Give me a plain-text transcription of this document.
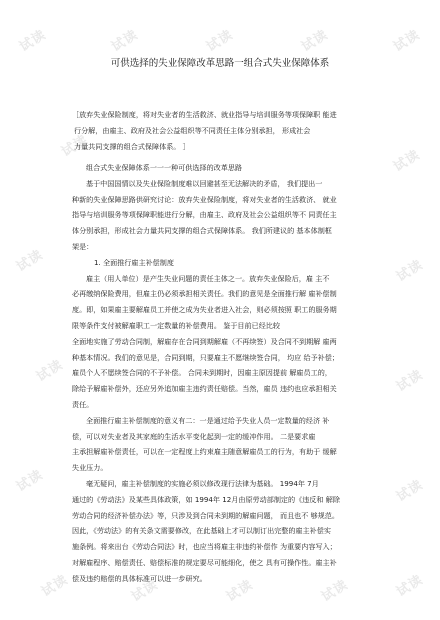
试读	试读	试读	试读	试读
试读
试读
试读	试读
试读	试读
试读	试读
试读	试读	试读	试读	试读
可供选择的失业保障改革思路一组合式失业保障体系
［放弃失业保险制度，将对失业者的生活救济、就业指导与培训服务等项保障职 能进
行分解，由雇主、政府及社会公益组织等不同责任主体分别承担， 形成社会
力量共同支撑的组合式保障体系。 ］
组合式失业保障体系一一一种可供选择的改革思路
基于中国国情以及失业保险制度难以回避甚至无法解决的矛盾， 我们提出一
种新的失业保障思路供研究讨论：放弃失业保险制度，将对失业者的生活救济、 就业
指导与培训服务等项保障职能进行分解，由雇主、政府及社会公益组织等不 同责任主
体分别承担，形成社会力量共同支撑的组合式保障体系。 我们所建议的 基本体制框
架是：
1. 全面推行雇主补偿制度
雇主（用人单位）是产生失业问题的责任主体之一。放弃失业保险后，雇 主不
必再缴纳保险费用，但雇主仍必须承担相关责任。我们的意见是全面推行解 雇补偿制
度。即，如果雇主要解雇员工并使之成为失业者进入社会，则必须按照 职工的服务期
限等条件支付被解雇职工一定数量的补偿费用。 鉴于目前已经比较
全面地实施了劳动合同制，解雇存在合同到期解雇（不再续签）及合同不到期解 雇两
种基本情况。我们的意见是，合同到期，只要雇主不愿继续签合同， 均应 给予补偿；
雇员个人不愿续签合同的不予补偿。 合同未到期时，因雇主原因提前 解雇员工的，
除给予解雇补偿外，还应另外追加雇主违约责任赔偿。当然，雇员 违约也应承担相关
责任。
全面推行雇主补偿制度的意义有二：一是通过给予失业人员一定数量的经济 补
偿，可以对失业者及其家庭的生活水平变化起到一定的缓冲作用。 二是要求雇
主承担解雇补偿责任，可以在一定程度上约束雇主随意解雇员工的行为，有助于 缓解
失业压力。
毫无疑问，雇主补偿制度的实施必须以修改现行法律为基础。 1994年 7月
通过的《劳动法》及某些具体政策，如 1994年 12月由原劳动部制定的《违反和 解除
劳动合同的经济补偿办法》等，只涉及到合同未到期的解雇问题， 而且也不 够规范。
因此，《劳动法》的有关条文需要修改，在此基础上才可以制订出完整的雇主补偿实
施条例。将来出台《劳动合同法》时，也应当将雇主非违约补偿作 为重要内容写入；
对解雇程序、赔偿责任、赔偿标准的规定要尽可能细化，使之 具有可操作性。雇主补
偿及违约赔偿的具体标准可以进一步研究。
